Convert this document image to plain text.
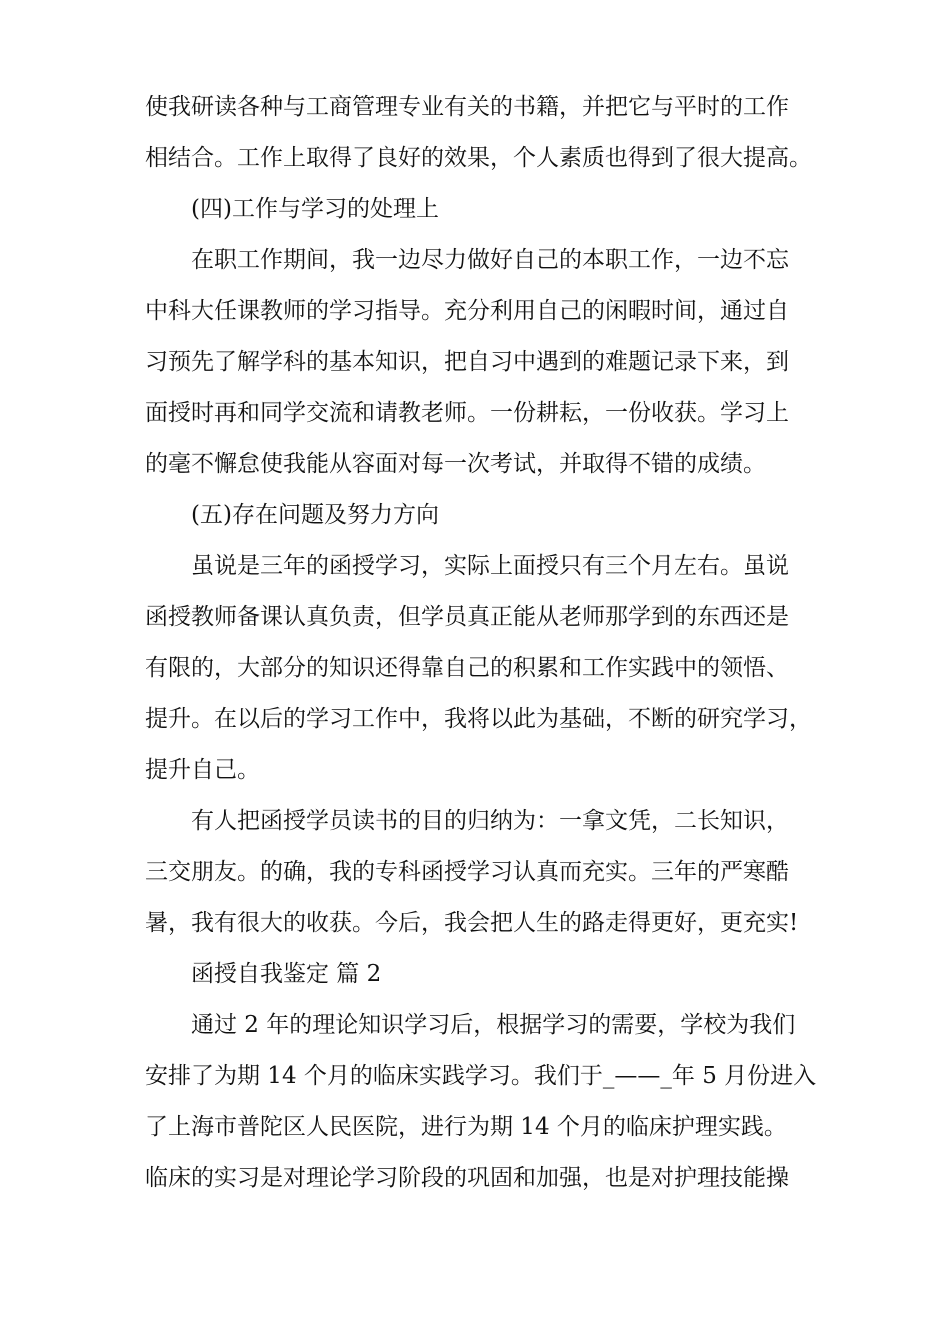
使我研读各种与工商管理专业有关的书籍，并把它与平时的工作
相结合。工作上取得了良好的效果，个人素质也得到了很大提高。
(四)工作与学习的处理上
在职工作期间，我一边尽力做好自己的本职工作，一边不忘
中科大任课教师的学习指导。充分利用自己的闲暇时间，通过自
习预先了解学科的基本知识，把自习中遇到的难题记录下来，到
面授时再和同学交流和请教老师。一份耕耘，一份收获。学习上
的毫不懈怠使我能从容面对每一次考试，并取得不错的成绩。
(五)存在问题及努力方向
虽说是三年的函授学习，实际上面授只有三个月左右。虽说
函授教师备课认真负责，但学员真正能从老师那学到的东西还是
有限的，大部分的知识还得靠自己的积累和工作实践中的领悟、
提升。在以后的学习工作中，我将以此为基础，不断的研究学习，
提升自己。
有人把函授学员读书的目的归纳为：一拿文凭，二长知识，
三交朋友。的确，我的专科函授学习认真而充实。三年的严寒酷
暑，我有很大的收获。今后，我会把人生的路走得更好，更充实!
函授自我鉴定 篇 2
通过 2 年的理论知识学习后，根据学习的需要，学校为我们
安排了为期 14 个月的临床实践学习。我们于_——_年 5 月份进入
了上海市普陀区人民医院，进行为期 14 个月的临床护理实践。
临床的实习是对理论学习阶段的巩固和加强，也是对护理技能操
